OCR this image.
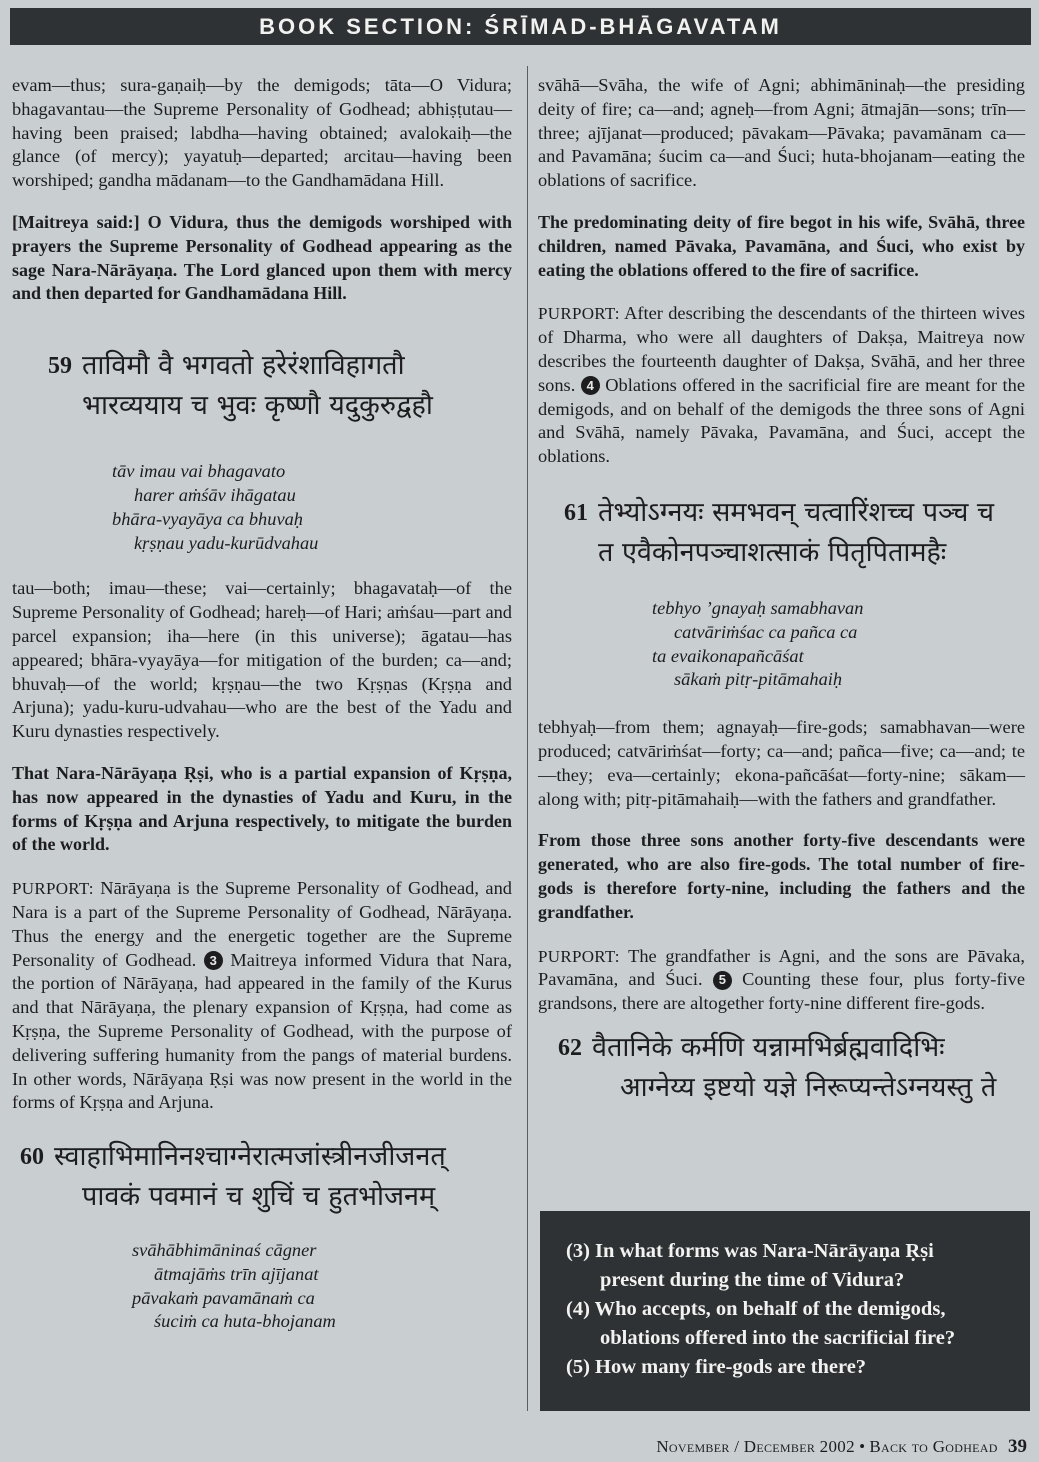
BOOK SECTION: ŚRĪMAD-BHĀGAVATAM

evam—thus; sura-gaṇaiḥ—by the demigods; tāta—O Vidura; bhagavantau—the Supreme Personality of Godhead; abhiṣṭutau—having been praised; labdha—having obtained; avalokaiḥ—the glance (of mercy); yayatuḥ—departed; arcitau—having been worshiped; gandha mādanam—to the Gandhamādana Hill.

[Maitreya said:] O Vidura, thus the demigods worshiped with prayers the Supreme Personality of Godhead appearing as the sage Nara-Nārāyaṇa. The Lord glanced upon them with mercy and then departed for Gandhamādana Hill.

59 ताविमौ वै भगवतो हरेरंशाविहागतौ
भारव्ययाय च भुवः कृष्णौ यदुकुरुद्वहौ
tāv imau vai bhagavato
harer aṁśāv ihāgatau
bhāra-vyayāya ca bhuvaḥ
kṛṣṇau yadu-kurūdvahau

tau—both; imau—these; vai—certainly; bhagavataḥ—of the Supreme Personality of Godhead; hareḥ—of Hari; aṁśau—part and parcel expansion; iha—here (in this universe); āgatau—has appeared; bhāra-vyayāya—for mitigation of the burden; ca—and; bhuvaḥ—of the world; kṛṣṇau—the two Kṛṣṇas (Kṛṣṇa and Arjuna); yadu-kuru-udvahau—who are the best of the Yadu and Kuru dynasties respectively.

That Nara-Nārāyaṇa Ṛṣi, who is a partial expansion of Kṛṣṇa, has now appeared in the dynasties of Yadu and Kuru, in the forms of Kṛṣṇa and Arjuna respectively, to mitigate the burden of the world.

PURPORT: Nārāyaṇa is the Supreme Personality of Godhead, and Nara is a part of the Supreme Personality of Godhead, Nārāyaṇa. Thus the energy and the energetic together are the Supreme Personality of Godhead. 3 Maitreya informed Vidura that Nara, the portion of Nārāyaṇa, had appeared in the family of the Kurus and that Nārāyaṇa, the plenary expansion of Kṛṣṇa, had come as Kṛṣṇa, the Supreme Personality of Godhead, with the purpose of delivering suffering humanity from the pangs of material burdens. In other words, Nārāyaṇa Ṛṣi was now present in the world in the forms of Kṛṣṇa and Arjuna.

60 स्वाहाभिमानिनश्चाग्नेरात्मजांस्त्रीनजीजनत्
पावकं पवमानं च शुचिं च हुतभोजनम्
svāhābhimāninaś cāgner
ātmajāṁs trīn ajījanat
pāvakaṁ pavamānaṁ ca
śuciṁ ca huta-bhojanam

svāhā—Svāha, the wife of Agni; abhimāninaḥ—the presiding deity of fire; ca—and; agneḥ—from Agni; ātmajān—sons; trīn—three; ajījanat—produced; pāvakam—Pāvaka; pavamānam ca—and Pavamāna; śucim ca—and Śuci; huta-bhojanam—eating the oblations of sacrifice.

The predominating deity of fire begot in his wife, Svāhā, three children, named Pāvaka, Pavamāna, and Śuci, who exist by eating the oblations offered to the fire of sacrifice.

PURPORT: After describing the descendants of the thirteen wives of Dharma, who were all daughters of Dakṣa, Maitreya now describes the fourteenth daughter of Dakṣa, Svāhā, and her three sons. 4 Oblations offered in the sacrificial fire are meant for the demigods, and on behalf of the demigods the three sons of Agni and Svāhā, namely Pāvaka, Pavamāna, and Śuci, accept the oblations.

61 तेभ्योऽग्नयः समभवन् चत्वारिंशच्च पञ्च च
त एवैकोनपञ्चाशत्साकं पितृपितामहैः
tebhyo ’gnayaḥ samabhavan
catvāriṁśac ca pañca ca
ta evaikonapañcāśat
sākaṁ pitṛ-pitāmahaiḥ

tebhyaḥ—from them; agnayaḥ—fire-gods; samabhavan—were produced; catvāriṁśat—forty; ca—and; pañca—five; ca—and; te—they; eva—certainly; ekona-pañcāśat—forty-nine; sākam—along with; pitṛ-pitāmahaiḥ—with the fathers and grandfather.

From those three sons another forty-five descendants were generated, who are also fire-gods. The total number of fire-gods is therefore forty-nine, including the fathers and the grandfather.

PURPORT: The grandfather is Agni, and the sons are Pāvaka, Pavamāna, and Śuci. 5 Counting these four, plus forty-five grandsons, there are altogether forty-nine different fire-gods.

62 वैतानिके कर्मणि यन्नामभिर्ब्रह्मवादिभिः
आग्नेय्य इष्टयो यज्ञे निरूप्यन्तेऽग्नयस्तु ते
(3) In what forms was Nara-Nārāyaṇa Ṛṣi
present during the time of Vidura?
(4) Who accepts, on behalf of the demigods,
oblations offered into the sacrificial fire?
(5) How many fire-gods are there?
November / December 2002 • Back to Godhead 39
